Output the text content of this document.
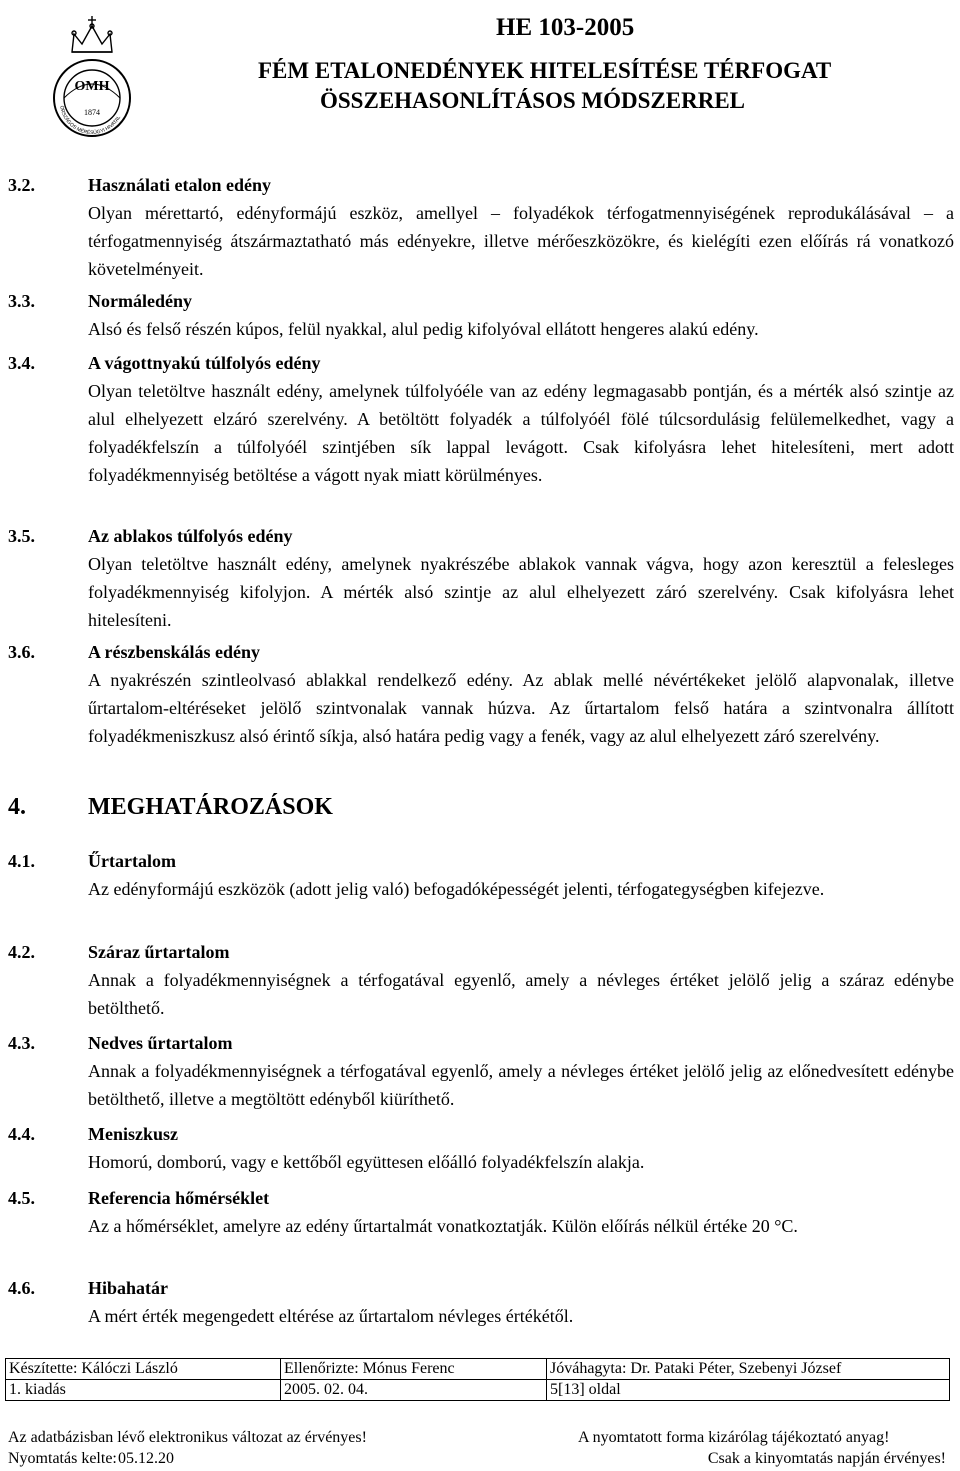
OMH
1874
ORSZÁGOS MÉRÉSÜGYI HIVATAL
HE 103-2005
FÉM ETALONEDÉNYEK HITELESÍTÉSE TÉRFOGAT
ÖSSZEHASONLÍTÁSOS MÓDSZERREL
3.2.	Használati etalon edény
Olyan mérettartó, edényformájú eszköz, amellyel – folyadékok térfogatmennyiségének reprodukálásával – a térfogatmennyiség átszármaztatható más edényekre, illetve mérőeszközökre, és kielégíti ezen előírás rá vonatkozó követelményeit.
3.3.	Normáledény
Alsó és felső részén kúpos, felül nyakkal, alul pedig kifolyóval ellátott hengeres alakú edény.
3.4.	A vágottnyakú túlfolyós edény
Olyan teletöltve használt edény, amelynek túlfolyóéle van az edény legmagasabb pontján, és a mérték alsó szintje az alul elhelyezett elzáró szerelvény. A betöltött folyadék a túlfolyóél fölé túlcsordulásig felülemelkedhet, vagy a folyadékfelszín a túlfolyóél szintjében sík lappal levágott. Csak kifolyásra lehet hitelesíteni, mert adott folyadékmennyiség betöltése a vágott nyak miatt körülményes.
3.5.	Az ablakos túlfolyós edény
Olyan teletöltve használt edény, amelynek nyakrészébe ablakok vannak vágva, hogy azon keresztül a felesleges folyadékmennyiség kifolyjon. A mérték alsó szintje az alul elhelyezett záró szerelvény. Csak kifolyásra lehet hitelesíteni.
3.6.	A részbenskálás edény
A nyakrészén szintleolvasó ablakkal rendelkező edény. Az ablak mellé névértékeket jelölő alapvonalak, illetve űrtartalom-eltéréseket jelölő szintvonalak vannak húzva. Az űrtartalom felső határa a szintvonalra állított folyadékmeniszkusz alsó érintő síkja, alsó határa pedig vagy a fenék, vagy az alul elhelyezett záró szerelvény.
4.	MEGHATÁROZÁSOK
4.1.	Űrtartalom
Az edényformájú eszközök (adott jelig való) befogadóképességét jelenti, térfogategységben kifejezve.
4.2.	Száraz űrtartalom
Annak a folyadékmennyiségnek a térfogatával egyenlő, amely a névleges értéket jelölő jelig a száraz edénybe betölthető.
4.3.	Nedves űrtartalom
Annak a folyadékmennyiségnek a térfogatával egyenlő, amely a névleges értéket jelölő jelig az előnedvesített edénybe betölthető, illetve a megtöltött edényből kiüríthető.
4.4.	Meniszkusz
Homorú, domború, vagy e kettőből együttesen előálló folyadékfelszín alakja.
4.5.	Referencia hőmérséklet
Az a hőmérséklet, amelyre az edény űrtartalmát vonatkoztatják. Külön előírás nélkül értéke 20 °C.
4.6.	Hibahatár
A mért érték megengedett eltérése az űrtartalom névleges értékétől.
Készítette: Kálóczi László	Ellenőrizte: Mónus Ferenc	Jóváhagyta: Dr. Pataki Péter, Szebenyi József
1. kiadás	2005. 02. 04.	5[13] oldal
Az adatbázisban lévő elektronikus változat az érvényes!	A nyomtatott forma kizárólag tájékoztató anyag!
Nyomtatás kelte:05.12.20	Csak a kinyomtatás napján érvényes!
